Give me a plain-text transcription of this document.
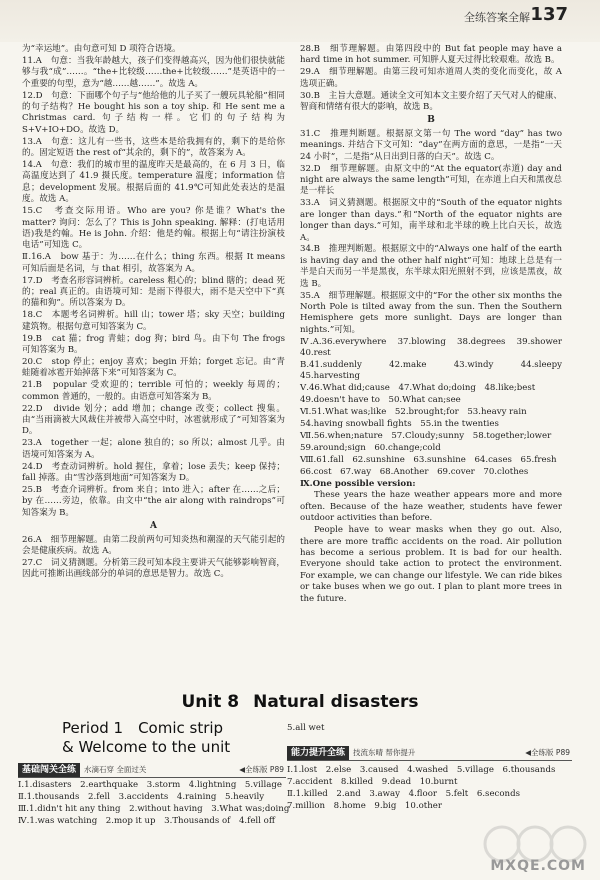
全练答案全解 137

为“幸运地”。由句意可知 D 项符合语境。

11.A　句意：当我年龄越大，孩子们变得越高兴，因为他们很快就能够与我“成”……。“the+比较级……the+比较级……”是英语中的一个重要的句型，意为“越……越……”。故选 A。

12.D　句意：下面哪个句子与“他给他的儿子买了一艘玩具轮船”相同的句子结构？He bought his son a toy ship. 和 He sent me a Christmas card. 句子结构一样。它们的句子结构为 S+V+IO+DO。故选 D。

13.A　句意：这儿有一些书，这些本是给我拥有的，剩下的是给你的。固定短语 the rest of“其余的，剩下的”，故答案为 A。

14.A　句意：我们的城市里的温度昨天是最高的，在 6 月 3 日，临高温度达到了 41.9 摄氏度。temperature 温度；information 信息；development 发展。根据后面的 41.9℃可知此处表达的是温度。故选 A。

15.C　考查交际用语。Who are you? 你是谁？What's the matter? 询问：怎么了？This is John speaking. 解释：(打电话用语)我是约翰。He is John. 介绍：他是约翰。根据上句“请注扮演枝电话”可知选 C。

Ⅱ.16.A　bow 基于：为……在什么；thing 东西。根据 It means 可知后面是名词，与 that 相引，故答案为 A。

17.D　考查名形容词辨析。careless 粗心的；blind 瞎的；dead 死的；real 真正的。由语境可知：是雨下得很大，雨不是天空中下“真的猫和狗”。所以答案为 D。

18.C　本题考名词辨析。hill 山；tower 塔；sky 天空；building 建筑物。根据句意可知答案为 C。

19.B　cat 猫；frog 青蛙；dog 狗；bird 鸟。由下句 The frogs 可知答案为 B。

20.C　stop 停止；enjoy 喜欢；begin 开始；forget 忘记。由“青蛙随着冰雹开始掉落下来”可知答案为 C。

21.B　popular 受欢迎的；terrible 可怕的；weekly 每周的；common 普通的，一般的。由语意可知答案为 B。

22.D　divide 划分；add 增加；change 改变；collect 搜集。由“当雨滴被大风裁住并被带入高空中时，冰雹就形成了”可知答案为 D。

23.A　together 一起；alone 独自的；so 所以；almost 几乎。由语境可知答案为 A。

24.D　考查动词辨析。hold 握住，拿着；lose 丢失；keep 保持；fall 掉落。由“雪沙落到地面”可知答案为 D。

25.B　考查介词辨析。from 来自；into 进入；after 在……之后；by 在……旁边，依靠。由文中“the air along with raindrops”可知答案为 B。

A

26.A　细节理解题。由第二段前两句可知炎热和潮湿的天气能引起的会是健康疾病。故选 A。

27.C　词义猜测题。分析第三段可知本段主要讲天气能够影响智商，因此可推断出画线部分的单词的意思是智力。故选 C。

28.B　细节理解题。由第四段中的 But fat people may have a hard time in hot summer. 可知胖人夏天过得比较艰难。故选 B。

29.A　细节理解题。由第三段可知赤道周人类的变化而变化，故 A 选项正确。

30.B　主旨大意题。通读全文可知本文主要介绍了天气对人的健康、智商和情绪有很大的影响，故选 B。

B

31.C　推理判断题。根据原文第一句 The word “day” has two meanings. 并结合下文可知：“day”在两方面的意思，一是指“一天 24 小时”，二是指“从日出到日落的白天”。故选 C。

32.D　细节理解题。由原文中的“At the equator(赤道) day and night are always the same length”可知，在赤道上白天和黑夜总是一样长

33.A　词义猜测题。根据原文中的“South of the equator nights are longer than days.”和“North of the equator nights are longer than days.”可知，南半球和北半球的晚上比白天长，故选 A。

34.B　推理判断题。根据原文中的“Always one half of the earth is having day and the other half night”可知：地球上总是有一半是白天而另一半是黑夜，东半球太阳光照射不到，应该是黑夜，故选 B。

35.A　细节理解题。根据原文中的“For the other six months the North Pole is tilted away from the sun. Then the Southern Hemisphere gets more sunlight. Days are longer than nights.”可知。

Ⅳ.A.36.everywhere　37.blowing　38.degrees　39.shower　40.rest

B.41.suddenly　42.make　43.windy　44.sleepy　45.harvesting

Ⅴ.46.What did;cause　47.What do;doing　48.like;best

49.doesn't have to　50.What can;see

Ⅵ.51.What was;like　52.brought;for　53.heavy rain

54.having snowball fights　55.in the twenties

Ⅶ.56.when;nature　57.Cloudy;sunny　58.together;lower

59.around;sign　60.change;cold

Ⅷ.61.fall　62.sunshine　63.sunshine　64.cases　65.fresh

66.cost　67.way　68.Another　69.cover　70.clothes

Ⅸ.One possible version:

These years the haze weather appears more and more often. Because of the haze weather, students have fewer outdoor activities than before.

People have to wear masks when they go out. Also, there are more traffic accidents on the road. Air pollution has become a serious problem. It is bad for our health. Everyone should take action to protect the environment. For example, we can change our lifestyle. We can ride bikes or take buses when we go out. I plan to plant more trees in the future.

Unit 8 Natural disasters
Period 1　Comic strip
& Welcome to the unit
基础闯关全练 $^{水滴石穿 全面过关}$	◀全练版 P89

Ⅰ.1.disasters　2.earthquake　3.storm　4.lightning　5.village

Ⅱ.1.thousands　2.fell　3.accidents　4.raining　5.heavily

Ⅲ.1.didn't hit any thing　2.without having　3.What was;doing

Ⅳ.1.was watching　2.mop it up　3.Thousands of　4.fell off

5.all wet
能力提升全练 $^{技流东晴 帮你提升}$	◀全练版 P89

Ⅰ.1.lost　2.else　3.caused　4.washed　5.village　6.thousands

7.accident　8.killed　9.dead　10.burnt

Ⅱ.1.killed　2.and　3.away　4.floor　5.felt　6.seconds

7.million　8.home　9.big　10.other

MXQE.COM
